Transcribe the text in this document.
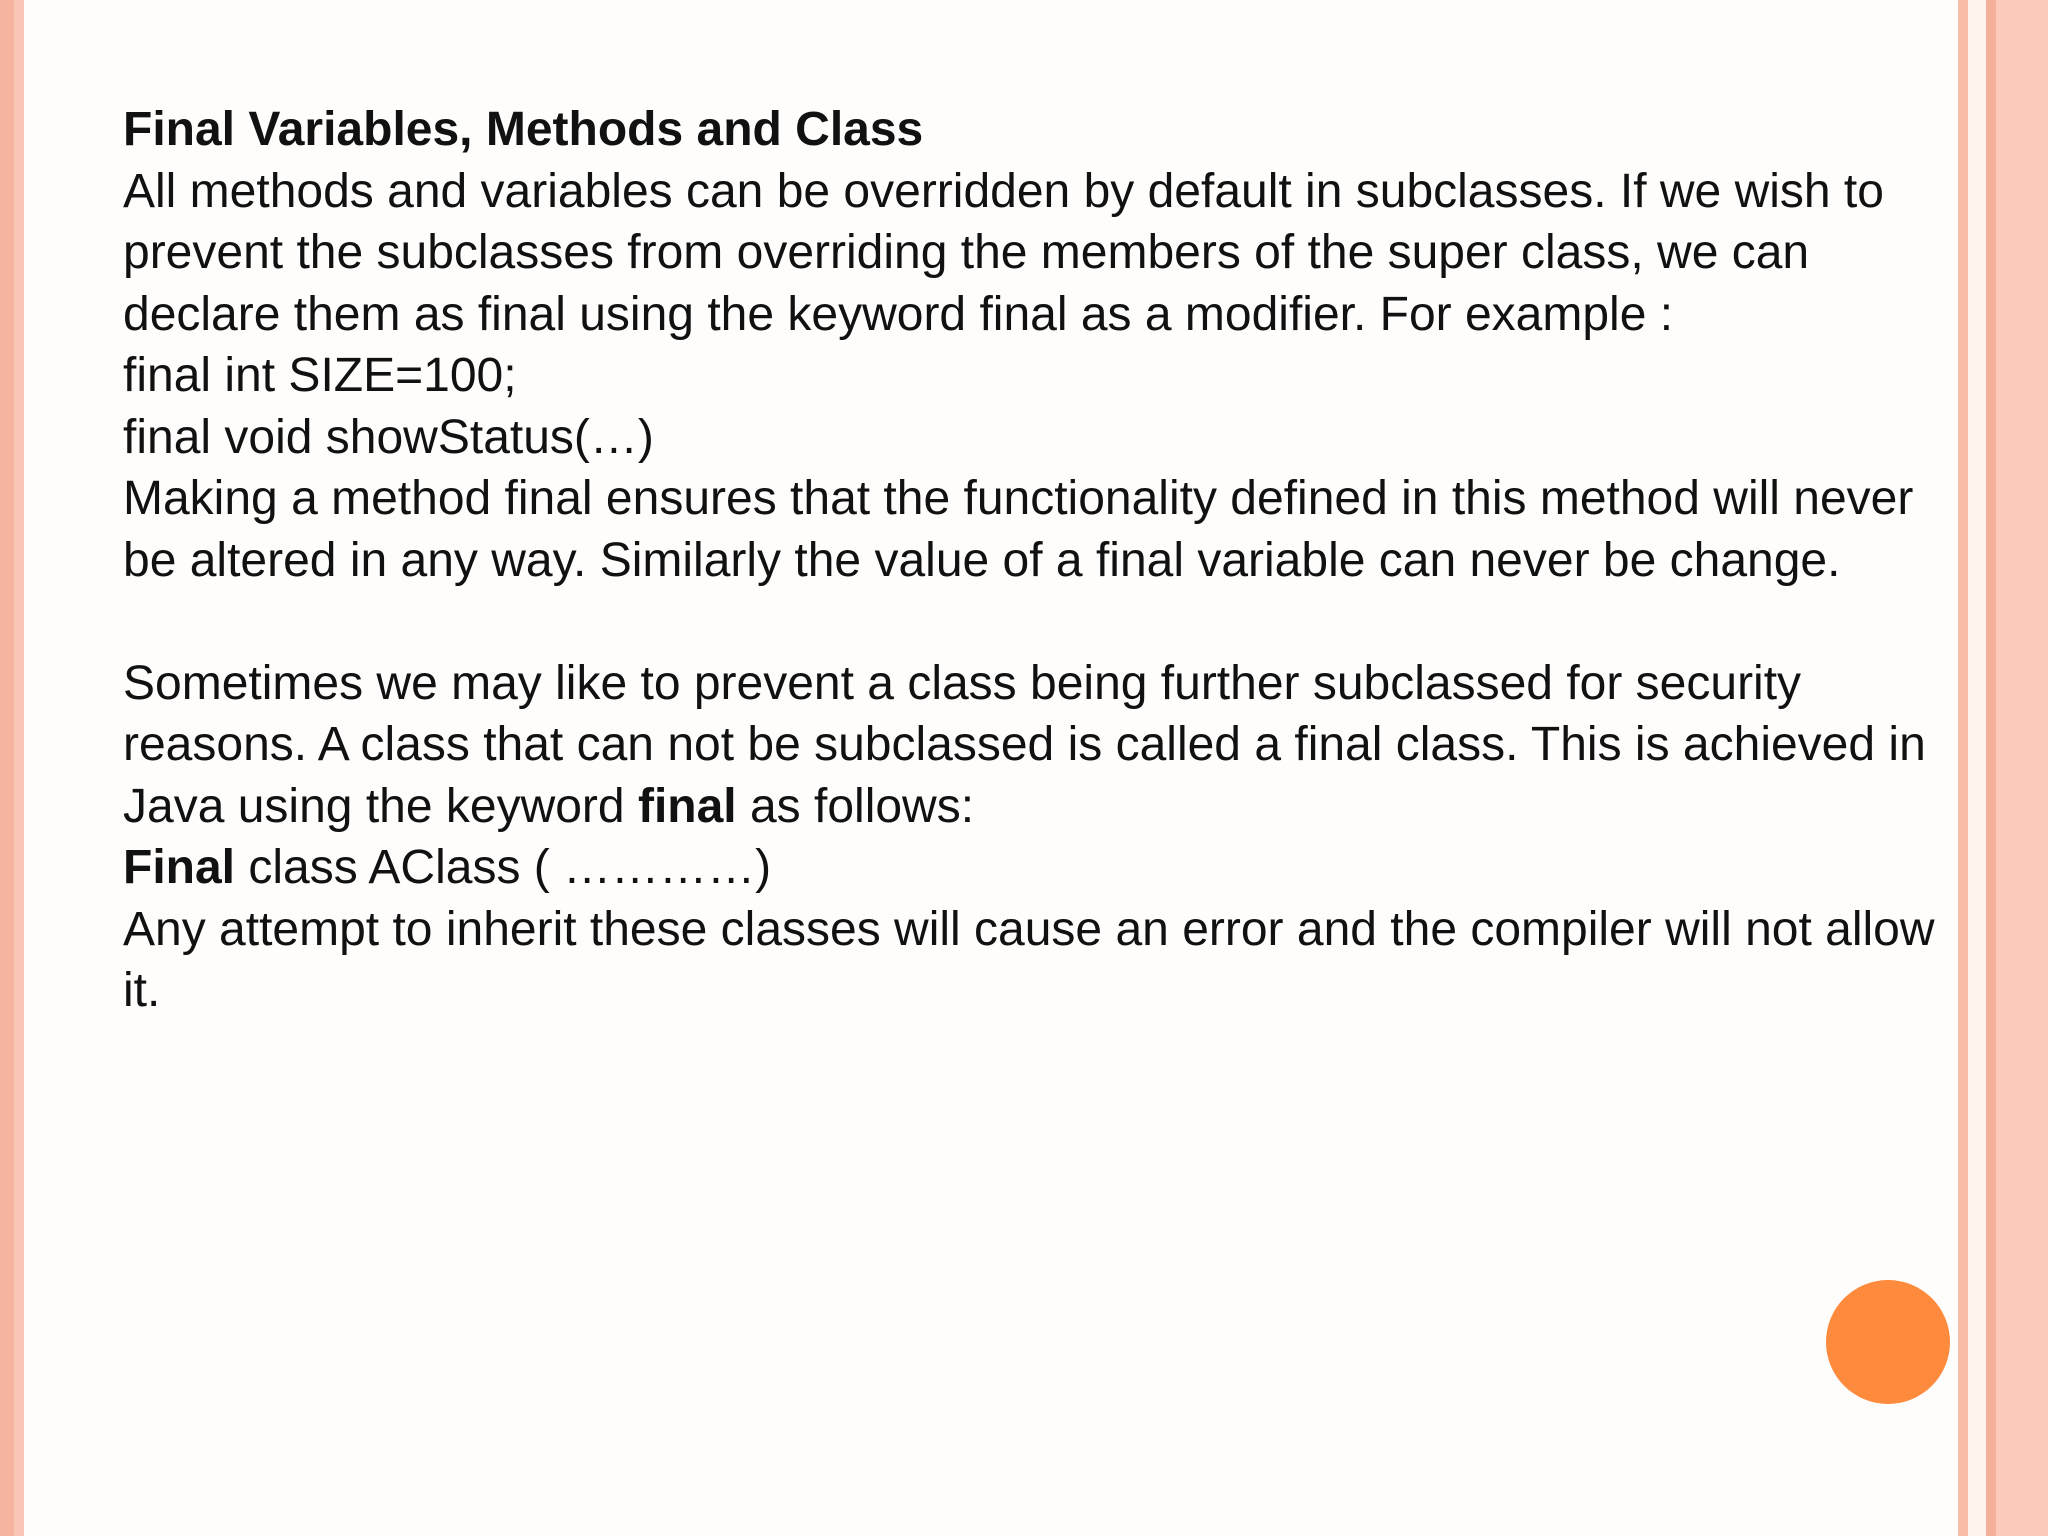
Final Variables, Methods and Class

All methods and variables can be overridden by default in subclasses. If we wish to prevent the subclasses from overriding the members of the super class, we can declare them as final using the keyword final as a modifier. For example :

final int SIZE=100;

final void showStatus(…)

Making a method final ensures that the functionality defined in this method will never be altered in any way. Similarly the value of a final variable can never be change.

Sometimes we may like to prevent a class being further subclassed for security reasons. A class that can not be subclassed is called a final class. This is achieved in Java using the keyword final as follows:

Final class AClass ( …………)

Any attempt to inherit these classes will cause an error and the compiler will not allow it.
